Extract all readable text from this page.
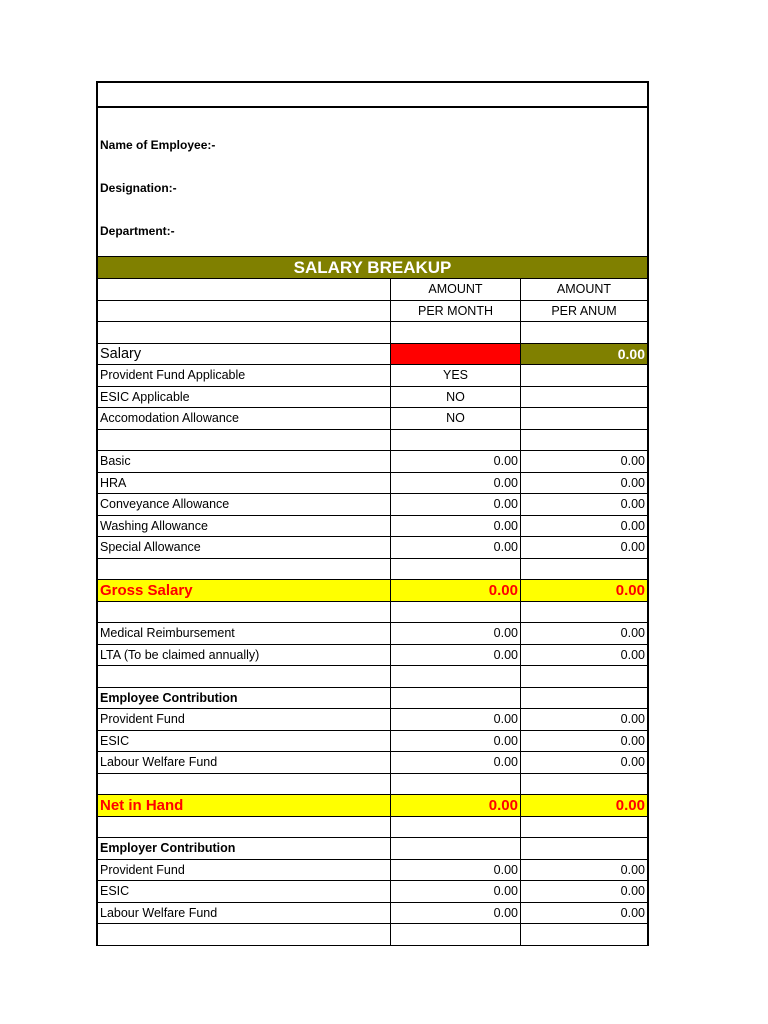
Name of Employee:-
Designation:-
Department:-
SALARY BREAKUP
	AMOUNT	AMOUNT
	PER MONTH	PER ANUM

Salary		0.00
Provident Fund Applicable	YES	
ESIC Applicable	NO	
Accomodation Allowance	NO	

Basic	0.00	0.00
HRA	0.00	0.00
Conveyance Allowance	0.00	0.00
Washing Allowance	0.00	0.00
Special Allowance	0.00	0.00

Gross Salary	0.00	0.00

Medical Reimbursement	0.00	0.00
LTA (To be claimed annually)	0.00	0.00

Employee Contribution		
Provident Fund	0.00	0.00
ESIC	0.00	0.00
Labour Welfare Fund	0.00	0.00

Net in Hand	0.00	0.00

Employer Contribution		
Provident Fund	0.00	0.00
ESIC	0.00	0.00
Labour Welfare Fund	0.00	0.00
